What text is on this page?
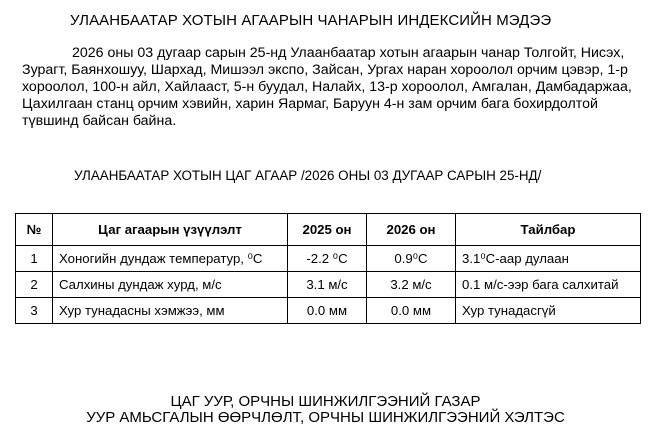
УЛААНБААТАР ХОТЫН АГААРЫН ЧАНАРЫН ИНДЕКСИЙН МЭДЭЭ

2026 оны 03 дугаар сарын 25-нд Улаанбаатар хотын агаарын чанар Толгойт, Нисэх, Зурагт, Баянхошуу, Шархад, Мишээл экспо, Зайсан, Ургах наран хороолол орчим цэвэр, 1-р хороолол, 100-н айл, Хайлааст, 5-н буудал, Налайх, 13-р хороолол, Амгалан, Дамбадаржаа, Цахилгаан станц орчим хэвийн, харин Яармаг, Баруун 4-н зам орчим бага бохирдолтой түвшинд байсан байна.

УЛААНБААТАР ХОТЫН ЦАГ АГААР /2026 ОНЫ 03 ДУГААР САРЫН 25-НД/
№	Цаг агаарын үзүүлэлт	2025 он	2026 он	Тайлбар
1	Хоногийн дундаж температур, ⁰С	-2.2 ⁰С	0.9⁰С	3.1⁰С-аар дулаан
2	Салхины дундаж хурд, м/с	3.1 м/с	3.2 м/с	0.1 м/с-ээр бага салхитай
3	Хур тунадасны хэмжээ, мм	0.0 мм	0.0 мм	Хур тунадасгүй
ЦАГ УУР, ОРЧНЫ ШИНЖИЛГЭЭНИЙ ГАЗАР
УУР АМЬСГАЛЫН ӨӨРЧЛӨЛТ, ОРЧНЫ ШИНЖИЛГЭЭНИЙ ХЭЛТЭС
